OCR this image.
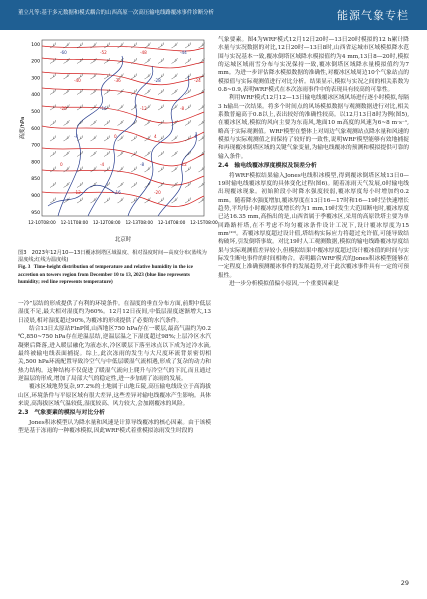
董立凡等:基于多元数据和模式耦合的山西高原一次高压输电线路覆冰事件诊断分析	能源气象专栏
高度/hPa
100
200
300
400
500
600
700
800
850
900
950
12-10T08:00 12-11T08:00 12-12T08:00 12-13T08:00 12-14T08:00 12-15T08:00
北京时
-60	-52	-48	-44
-40	-36	-28	-24
-20	-16	-12	-8
-4	0	4	4
0	-4	-8	-12
-12	-16	-20
图3　2023年12月10—13日覆冰倒塔区域温度、相对湿度时间—高度分布(蓝线为湿度线;红线为温度线)
Fig. 3 Time-height distribution of temperature and relative humidity in the ice accretion on towers region from December 10 to 13, 2023 (blue line represents humidity; red line represents temperature)

一冷”层结的形成提供了有利的环境条件。在湿度的垂直分布方面,前期中低层湿度不足,最大相对湿度约为60%。12月12日夜间,中低层湿度逐渐增大,13日凌晨,相对湿度超过90%,为覆冰的形成提供了必要的水汽条件。

结合13日太原站FlnP图,山西地区750 hPa存在一暖层,最高气温约为0.2 ℃,850~750 hPa存在逆温层结,逆温层温之下湿度超过98%;上层冷区水汽凝聚后降落,进入暖层融化为液态水,冷区暖层下落至冰点以下成为过冷水滴,最终被输电线表面捕捉。综上,此次冻雨的发生与大尺度环流背景密切相关,500 hPa环流配置导致冷空气与中低层暖湿气流相遇,形成了复杂的动力和热力结构。这种结构不仅促进了暖湿气流向上爬升与冷空气的下沉,而且通过逆温层的形成,增加了局部大气的稳定性,进一步加剧了冻雨的发展。

覆冰区域地势复杂,97.2%的土地属于山地丘陵,高压输电线设立于高海拔山区,环境条件与平原区域有很大差异,这些差异对输电线覆冰产生影响。具体来说,高海拔区域气温较低,湿度较高、风力较大,会加剧覆冰的风险。

2.3　气象要素的模拟与对比分析

Jones积冰模型认为降水量和风速是计算导线覆冰的核心因素。由于该模型是基于冻雨的一种覆冰模拟,因此WRF模式着重模拟冻雨发生时段的

气象要素。图4为WRF模式12月12日20时—13日20时模拟的12 h累计降水量与实况数据的对比,12日20时—13日8时,山西省运城市区域模拟降水范围与实况基本一致,覆冰倒塔区域降水模拟值约为4 mm,13日8—20时,模拟的运城区域雨雪分布与实况保持一致,覆冰倒塔区域降水量模拟值约为7 mm。为进一步评估降水模拟数据的准确性,对覆冰区域周边10个气象站点的模拟值与实际观测值进行对比分析。结果显示,模拟与实况之间的相关系数为0.8~0.9,表明WRF模式在本次冻雨事件中的表现具有较高的可靠性。

利用WRF模式12月12—13日输电线覆冰区域风场进行逐小时模拟,每隔3 h输出一次结果。将多个时间点的风场模拟数据与观测数据进行对比,相关系数普遍高于0.8以上,表出较好的准确性较高。以12月13日8时为例(图5),在覆冰区域,模拟的风向主要为东南风,地面10 m高度的风速为6~8 m·s⁻¹,略高于实际观测值。WRF模型在整体上对周边气象观测站点降水量和风速的模拟与实际观测值之间保持了较好的一致性,说明WRF模型能够有效地捕捉和再现覆冰倒塔区域的关键气象变量,为输电线覆冰的预测和模拟提供可靠的输入条件。

2.4　输电线覆冰厚度模拟及误差分析

将WRF模拟结果输入Jones电线积冰模型,得到覆冰倒塔区域13日0—19时输电线覆冰厚度的具体变化过程(图6)。随着冻雨天气发展,0时输电线出现覆冰现象。初始阶段小时降水强度较弱,覆冰厚度每小时增加约0.2 mm。随着降水强度增加,覆冰厚度在13日16—17时和16—19时呈快速增长趋势,平均每小时覆冰厚度增长约为1 mm,19时发生大范围断电时,覆冰厚度已达16.35 mm,高指出的是,山西省属于季覆冰区,采用的高原铁塔主要为单回路路杆塔,在不考虑不均匀覆冰条件设计工况下,设计覆冰厚度为15 mm⁽¹⁰⁾。若覆冰厚度超过设计值,塔结构实际应力将超过允许值,可能导致结构破坏,引发倒塔事故。对比19时人工观测数据,模拟的输电线路覆冰厚度结果与实际观测值差异较小,但模拟结果中覆冰厚度超过设计覆冰值的时间与实际发生断电事件的时间相吻合。表明耦合WRF模式的Jones积冰模型能够在一定程度上准确预测覆冰事件的发展趋势,对于此次覆冰事件具有一定的可预报性。

进一步分析模拟值偏小原因,一个重要因素是

29
